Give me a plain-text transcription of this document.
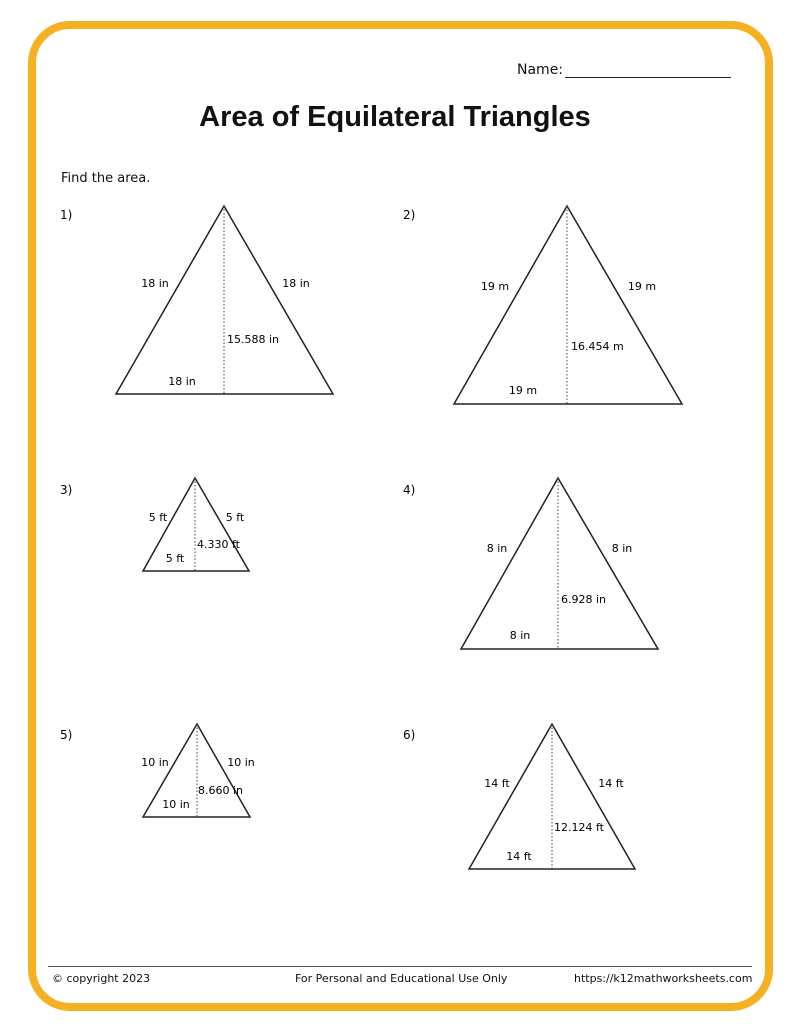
Name:
Area of Equilateral Triangles
Find the area.
1)
18 in	18 in
18 in
15.588 in
2)
19 m	19 m
19 m
16.454 m
3)
5 ft	5 ft
5 ft
4.330 ft
4)
8 in	8 in
8 in
6.928 in
5)
10 in	10 in
10 in
8.660 in
6)
14 ft	14 ft
14 ft
12.124 ft
© copyright 2023	For Personal and Educational Use Only	https://k12mathworksheets.com
